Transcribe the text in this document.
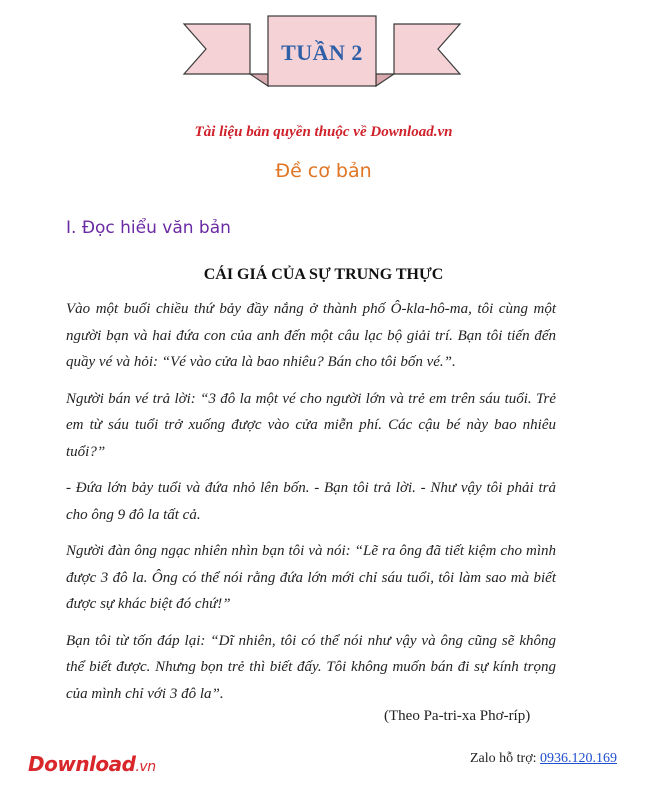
TUẦN 2
Tài liệu bản quyền thuộc về Download.vn
Đề cơ bản
I. Đọc hiểu văn bản
CÁI GIÁ CỦA SỰ TRUNG THỰC

Vào một buổi chiều thứ bảy đầy nắng ở thành phố Ô-kla-hô-ma, tôi cùng một người bạn và hai đứa con của anh đến một câu lạc bộ giải trí. Bạn tôi tiến đến quầy vé và hỏi: “Vé vào cửa là bao nhiêu? Bán cho tôi bốn vé.”.

Người bán vé trả lời: “3 đô la một vé cho người lớn và trẻ em trên sáu tuổi. Trẻ em từ sáu tuổi trở xuống được vào cửa miễn phí. Các cậu bé này bao nhiêu tuổi?”

- Đứa lớn bảy tuổi và đứa nhỏ lên bốn. - Bạn tôi trả lời. - Như vậy tôi phải trả cho ông 9 đô la tất cả.

Người đàn ông ngạc nhiên nhìn bạn tôi và nói: “Lẽ ra ông đã tiết kiệm cho mình được 3 đô la. Ông có thể nói rằng đứa lớn mới chỉ sáu tuổi, tôi làm sao mà biết được sự khác biệt đó chứ!”

Bạn tôi từ tốn đáp lại: “Dĩ nhiên, tôi có thể nói như vậy và ông cũng sẽ không thể biết được. Nhưng bọn trẻ thì biết đấy. Tôi không muốn bán đi sự kính trọng của mình chỉ với 3 đô la”.

(Theo Pa-tri-xa Phơ-ríp)
Download.vn
Zalo hỗ trợ: 0936.120.169
